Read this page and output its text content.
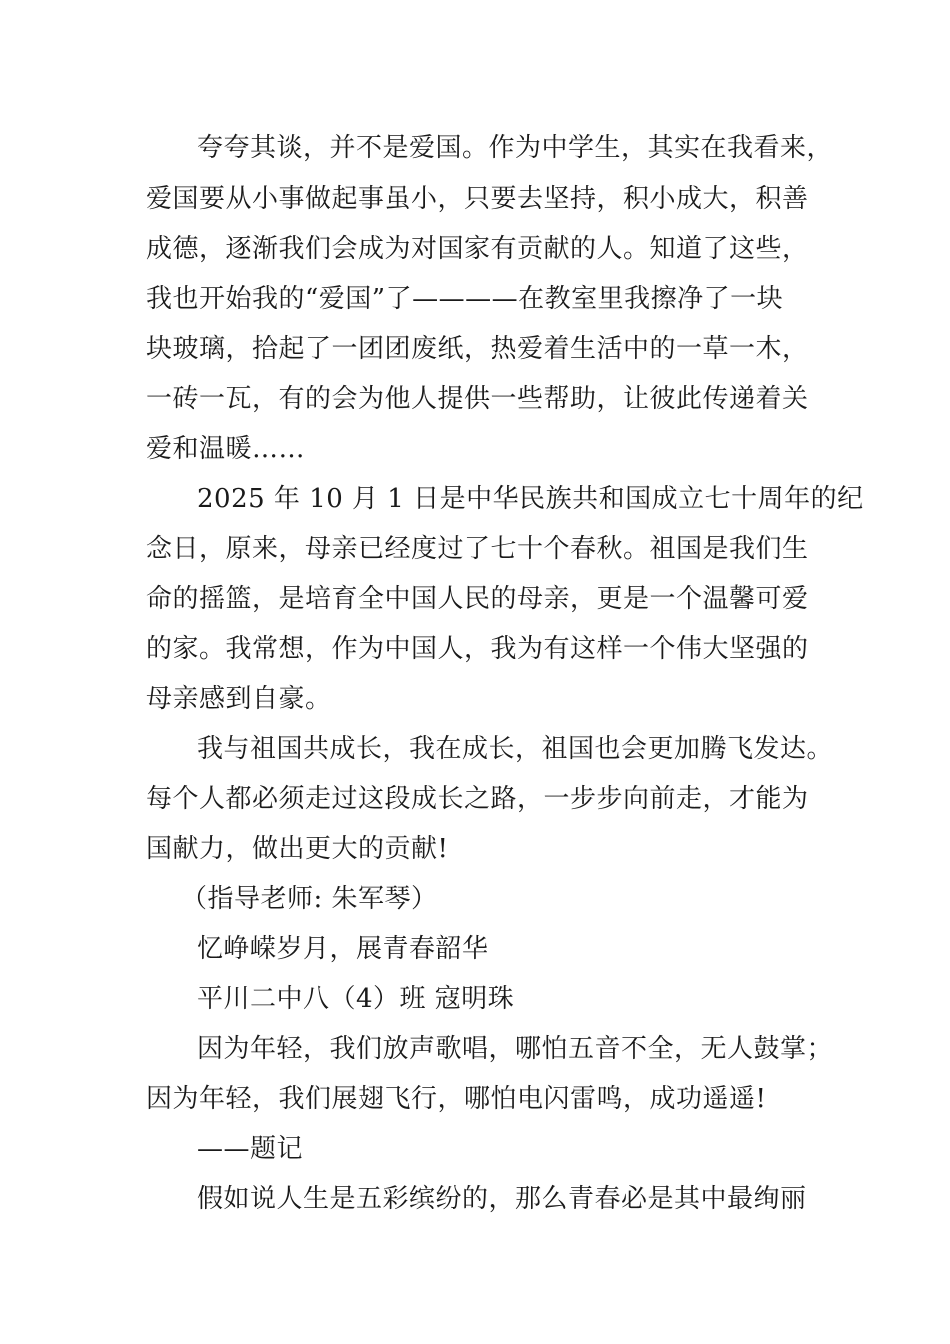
夸夸其谈，并不是爱国。作为中学生，其实在我看来，
爱国要从小事做起事虽小，只要去坚持，积小成大，积善
成德，逐渐我们会成为对国家有贡献的人。知道了这些，
我也开始我的“爱国”了————在教室里我擦净了一块
块玻璃，拾起了一团团废纸，热爱着生活中的一草一木，
一砖一瓦，有的会为他人提供一些帮助，让彼此传递着关
爱和温暖……
2025 年 10 月 1 日是中华民族共和国成立七十周年的纪
念日，原来，母亲已经度过了七十个春秋。祖国是我们生
命的摇篮，是培育全中国人民的母亲，更是一个温馨可爱
的家。我常想，作为中国人，我为有这样一个伟大坚强的
母亲感到自豪。
我与祖国共成长，我在成长，祖国也会更加腾飞发达。
每个人都必须走过这段成长之路，一步步向前走，才能为
国献力，做出更大的贡献!
（指导老师: 朱军琴）
忆峥嵘岁月，展青春韶华
平川二中八（4）班 寇明珠
因为年轻，我们放声歌唱，哪怕五音不全，无人鼓掌；
因为年轻，我们展翅飞行，哪怕电闪雷鸣，成功遥遥!
——题记
假如说人生是五彩缤纷的，那么青春必是其中最绚丽
